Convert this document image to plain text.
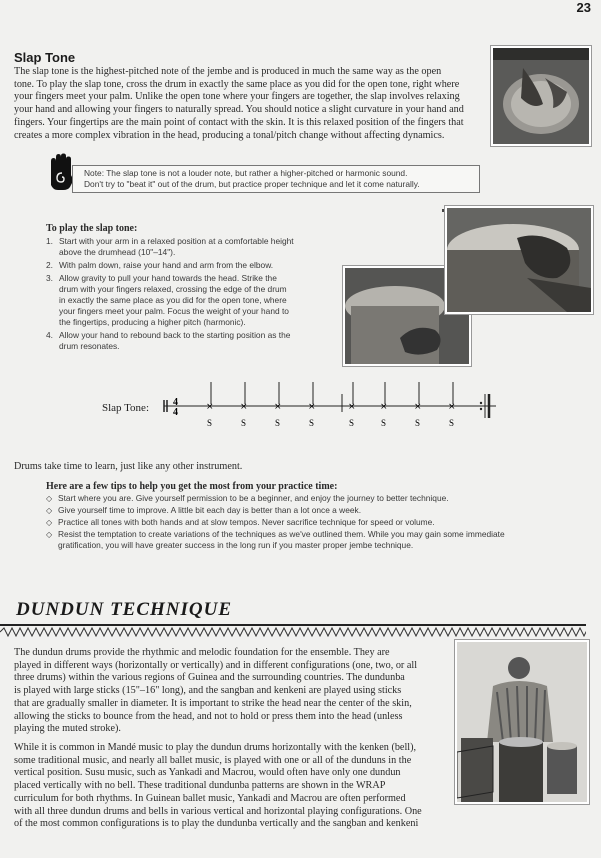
23
Slap Tone
The slap tone is the highest-pitched note of the jembe and is produced in much the same way as the open
tone. To play the slap tone, cross the drum in exactly the same place as you did for the open tone, right where
your fingers meet your palm. Unlike the open tone where your fingers are together, the slap involves relaxing
your hand and allowing your fingers to naturally spread. You should notice a slight curvature in your hand and
fingers. Your fingertips are the main point of contact with the skin. It is this relaxed position of the fingers that
creates a more complex vibration in the head, producing a tonal/pitch change without affecting dynamics.
Note: The slap tone is not a louder note, but rather a higher-pitched or harmonic sound.
Don't try to "beat it" out of the drum, but practice proper technique and let it come naturally.
To play the slap tone:
1. Start with your arm in a relaxed position at a comfortable height
above the drumhead (10"–14").
2. With palm down, raise your hand and arm from the elbow.
3. Allow gravity to pull your hand towards the head. Strike the
drum with your fingers relaxed, crossing the edge of the drum
in exactly the same place as you did for the open tone, where
your fingers meet your palm. Focus the weight of your hand to
the fingertips, producing a higher pitch (harmonic).
4. Allow your hand to rebound back to the starting position as the
drum resonates.
Slap Tone: 4
4	×
S
×
S
×
S
×
S
×
S
×
S
×
S
×
S
Drums take time to learn, just like any other instrument.
Here are a few tips to help you get the most from your practice time:
◇ Start where you are. Give yourself permission to be a beginner, and enjoy the journey to better technique.
◇ Give yourself time to improve. A little bit each day is better than a lot once a week.
◇ Practice all tones with both hands and at slow tempos. Never sacrifice technique for speed or volume.
◇ Resist the temptation to create variations of the techniques as we've outlined them. While you may gain some immediate
gratification, you will have greater success in the long run if you master proper jembe technique.
DUNDUN TECHNIQUE
The dundun drums provide the rhythmic and melodic foundation for the ensemble. They are
played in different ways (horizontally or vertically) and in different configurations (one, two, or all
three drums) within the various regions of Guinea and the surrounding countries. The dundunba
is played with large sticks (15"–16" long), and the sangban and kenkeni are played using sticks
that are gradually smaller in diameter. It is important to strike the head near the center of the skin,
allowing the sticks to bounce from the head, and not to hold or press them into the head (unless
playing the muted stroke).
While it is common in Mandé music to play the dundun drums horizontally with the kenken (bell),
some traditional music, and nearly all ballet music, is played with one or all of the dunduns in the
vertical position. Susu music, such as Yankadi and Macrou, would often have only one dundun
placed vertically with no bell. These traditional dundunba patterns are shown in the WRAP
curriculum for both rhythms. In Guinean ballet music, Yankadi and Macrou are often performed
with all three dundun drums and bells in various vertical and horizontal playing configurations. One
of the most common configurations is to play the dundunba vertically and the sangban and kenkeni
